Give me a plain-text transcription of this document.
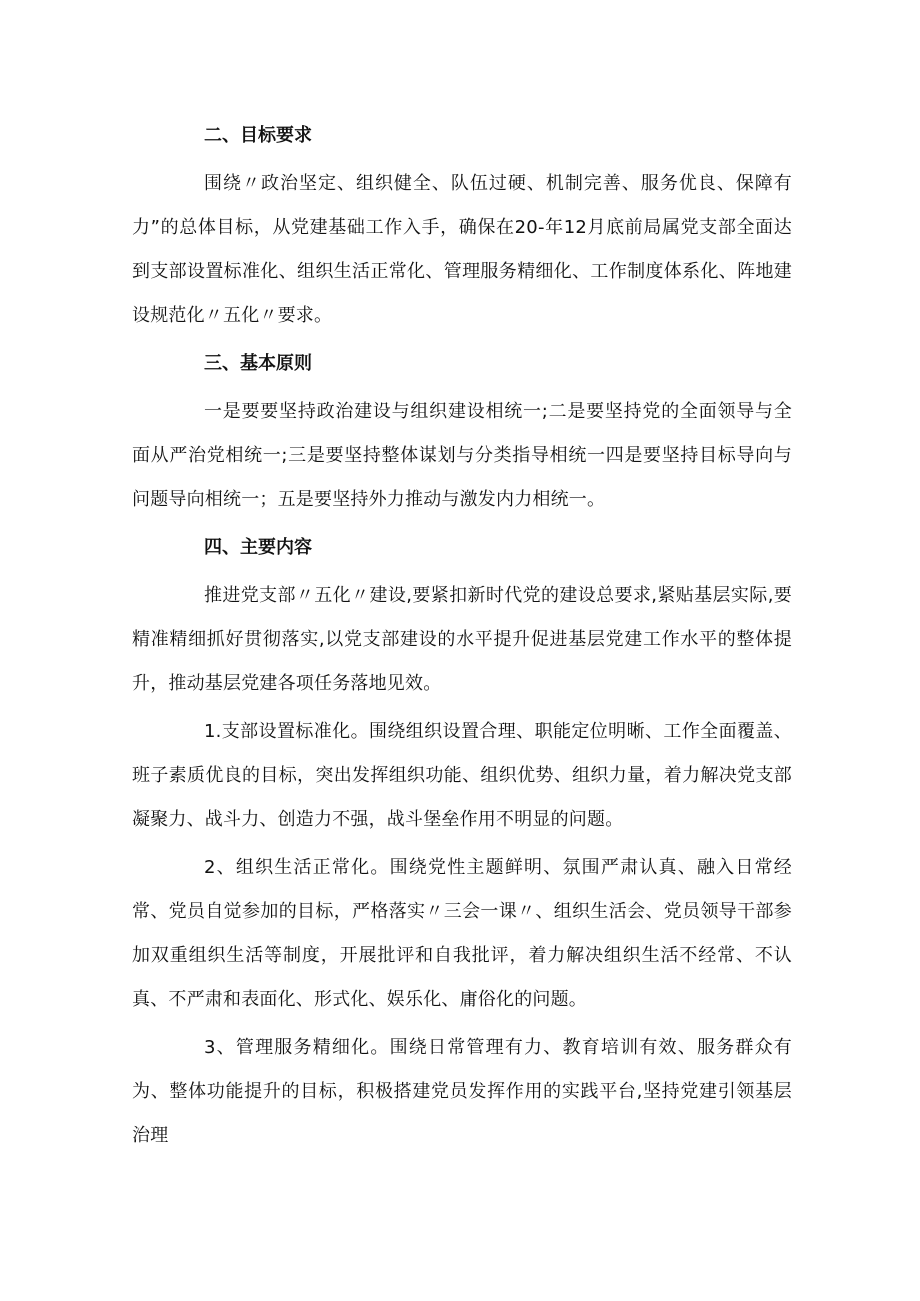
二、目标要求

围绕〃政治坚定、组织健全、队伍过硬、机制完善、服务优良、保障有力”的总体目标，从党建基础工作入手，确保在20-年12月底前局属党支部全面达到支部设置标准化、组织生活正常化、管理服务精细化、工作制度体系化、阵地建设规范化〃五化〃要求。

三、基本原则

一是要要坚持政治建设与组织建设相统一;二是要坚持党的全面领导与全面从严治党相统一;三是要坚持整体谋划与分类指导相统一四是要坚持目标导向与问题导向相统一；五是要坚持外力推动与激发内力相统一。

四、主要内容

推进党支部〃五化〃建设,要紧扣新时代党的建设总要求,紧贴基层实际,要精准精细抓好贯彻落实,以党支部建设的水平提升促进基层党建工作水平的整体提升，推动基层党建各项任务落地见效。

1.支部设置标准化。围绕组织设置合理、职能定位明晰、工作全面覆盖、班子素质优良的目标，突出发挥组织功能、组织优势、组织力量，着力解决党支部凝聚力、战斗力、创造力不强，战斗堡垒作用不明显的问题。

2、组织生活正常化。围绕党性主题鲜明、氛围严肃认真、融入日常经常、党员自觉参加的目标，严格落实〃三会一课〃、组织生活会、党员领导干部参加双重组织生活等制度，开展批评和自我批评，着力解决组织生活不经常、不认真、不严肃和表面化、形式化、娱乐化、庸俗化的问题。

3、管理服务精细化。围绕日常管理有力、教育培训有效、服务群众有为、整体功能提升的目标，积极搭建党员发挥作用的实践平台,坚持党建引领基层治理
